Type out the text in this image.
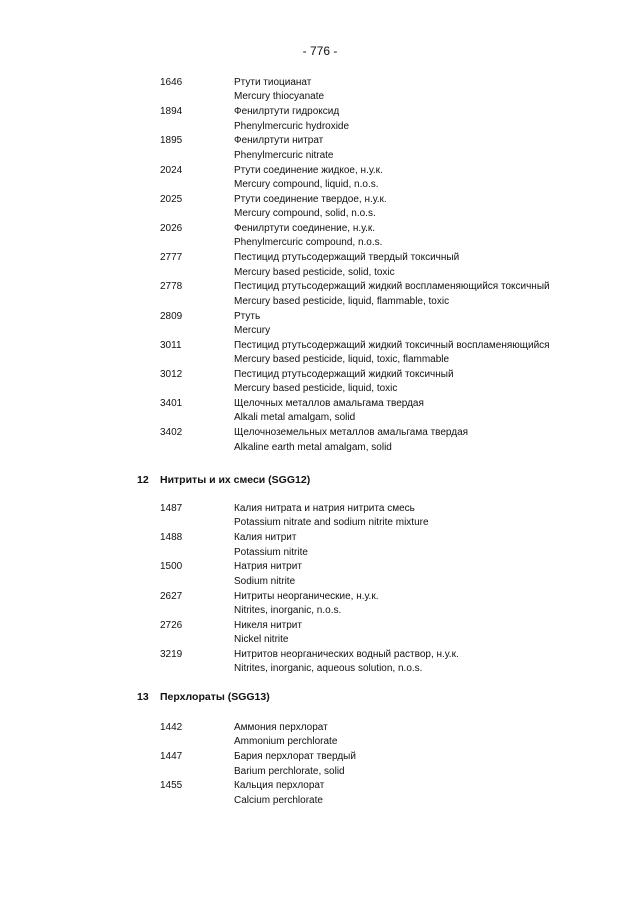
- 776 -
1646	Ртути тиоцианат
Mercury thiocyanate
1894	Фенилртути гидроксид
Phenylmercuric hydroxide
1895	Фенилртути нитрат
Phenylmercuric nitrate
2024	Ртути соединение жидкое, н.у.к.
Mercury compound, liquid, n.o.s.
2025	Ртути соединение твердое, н.у.к.
Mercury compound, solid, n.o.s.
2026	Фенилртути соединение, н.у.к.
Phenylmercuric compound, n.o.s.
2777	Пестицид ртутьсодержащий твердый токсичный
Mercury based pesticide, solid, toxic
2778	Пестицид ртутьсодержащий жидкий воспламеняющийся токсичный
Mercury based pesticide, liquid, flammable, toxic
2809	Ртуть
Mercury
3011	Пестицид ртутьсодержащий жидкий токсичный воспламеняющийся
Mercury based pesticide, liquid, toxic, flammable
3012	Пестицид ртутьсодержащий жидкий токсичный
Mercury based pesticide, liquid, toxic
3401	Щелочных металлов амальгама твердая
Alkali metal amalgam, solid
3402	Щелочноземельных металлов амальгама твердая
Alkaline earth metal amalgam, solid
12 Нитриты и их смеси (SGG12)
1487	Калия нитрата и натрия нитрита смесь
Potassium nitrate and sodium nitrite mixture
1488	Калия нитрит
Potassium nitrite
1500	Натрия нитрит
Sodium nitrite
2627	Нитриты неорганические, н.у.к.
Nitrites, inorganic, n.o.s.
2726	Никеля нитрит
Nickel nitrite
3219	Нитритов неорганических водный раствор, н.у.к.
Nitrites, inorganic, aqueous solution, n.o.s.
13 Перхлораты (SGG13)
1442	Аммония перхлорат
Ammonium perchlorate
1447	Бария перхлорат твердый
Barium perchlorate, solid
1455	Кальция перхлорат
Calcium perchlorate
